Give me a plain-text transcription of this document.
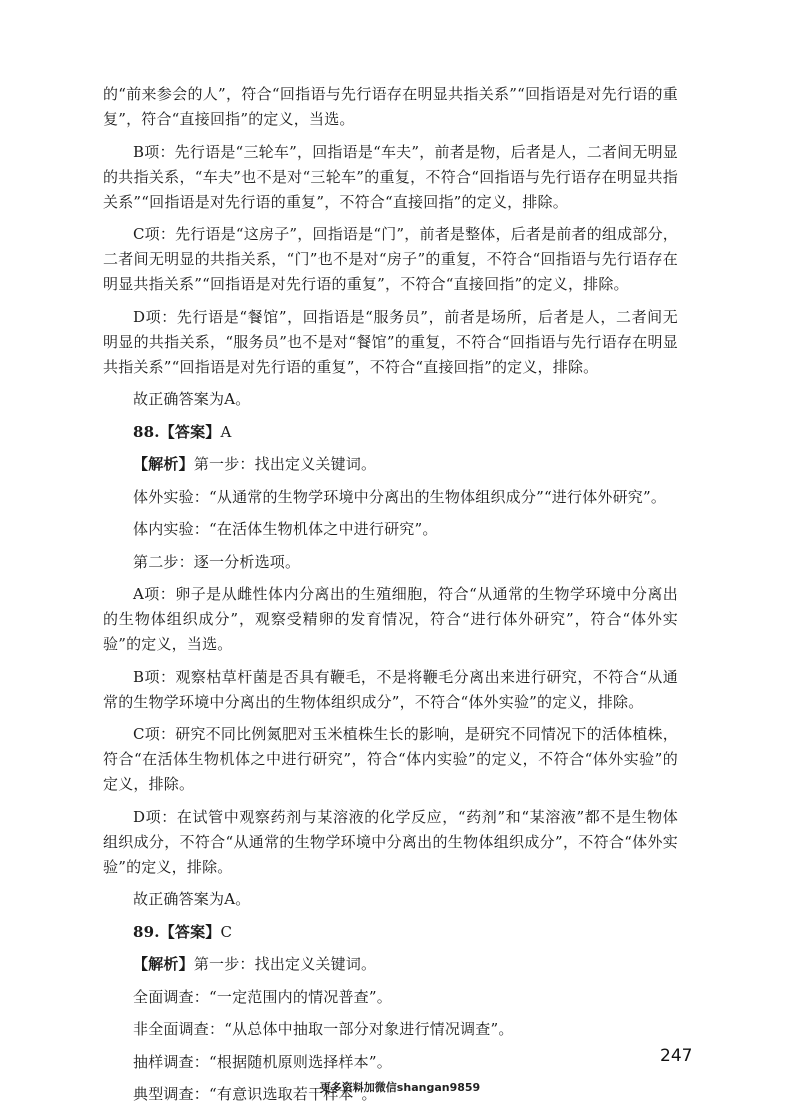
的“前来参会的人”，符合“回指语与先行语存在明显共指关系”“回指语是对先行语的重复”，符合“直接回指”的定义，当选。

B项：先行语是“三轮车”，回指语是“车夫”，前者是物，后者是人，二者间无明显的共指关系，“车夫”也不是对“三轮车”的重复，不符合“回指语与先行语存在明显共指关系”“回指语是对先行语的重复”，不符合“直接回指”的定义，排除。

C项：先行语是“这房子”，回指语是“门”，前者是整体，后者是前者的组成部分，二者间无明显的共指关系，“门”也不是对“房子”的重复，不符合“回指语与先行语存在明显共指关系”“回指语是对先行语的重复”，不符合“直接回指”的定义，排除。

D项：先行语是“餐馆”，回指语是“服务员”，前者是场所，后者是人，二者间无明显的共指关系，“服务员”也不是对“餐馆”的重复，不符合“回指语与先行语存在明显共指关系”“回指语是对先行语的重复”，不符合“直接回指”的定义，排除。

故正确答案为A。

88.【答案】A

【解析】第一步：找出定义关键词。

体外实验：“从通常的生物学环境中分离出的生物体组织成分”“进行体外研究”。

体内实验：“在活体生物机体之中进行研究”。

第二步：逐一分析选项。

A项：卵子是从雌性体内分离出的生殖细胞，符合“从通常的生物学环境中分离出的生物体组织成分”，观察受精卵的发育情况，符合“进行体外研究”，符合“体外实验”的定义，当选。

B项：观察枯草杆菌是否具有鞭毛，不是将鞭毛分离出来进行研究，不符合“从通常的生物学环境中分离出的生物体组织成分”，不符合“体外实验”的定义，排除。

C项：研究不同比例氮肥对玉米植株生长的影响，是研究不同情况下的活体植株，符合“在活体生物机体之中进行研究”，符合“体内实验”的定义，不符合“体外实验”的定义，排除。

D项：在试管中观察药剂与某溶液的化学反应，“药剂”和“某溶液”都不是生物体组织成分，不符合“从通常的生物学环境中分离出的生物体组织成分”，不符合“体外实验”的定义，排除。

故正确答案为A。

89.【答案】C

【解析】第一步：找出定义关键词。

全面调查：“一定范围内的情况普查”。

非全面调查：“从总体中抽取一部分对象进行情况调查”。

抽样调查：“根据随机原则选择样本”。

典型调查：“有意识选取若干样本”。

247
更多资料加微信shangan9859
